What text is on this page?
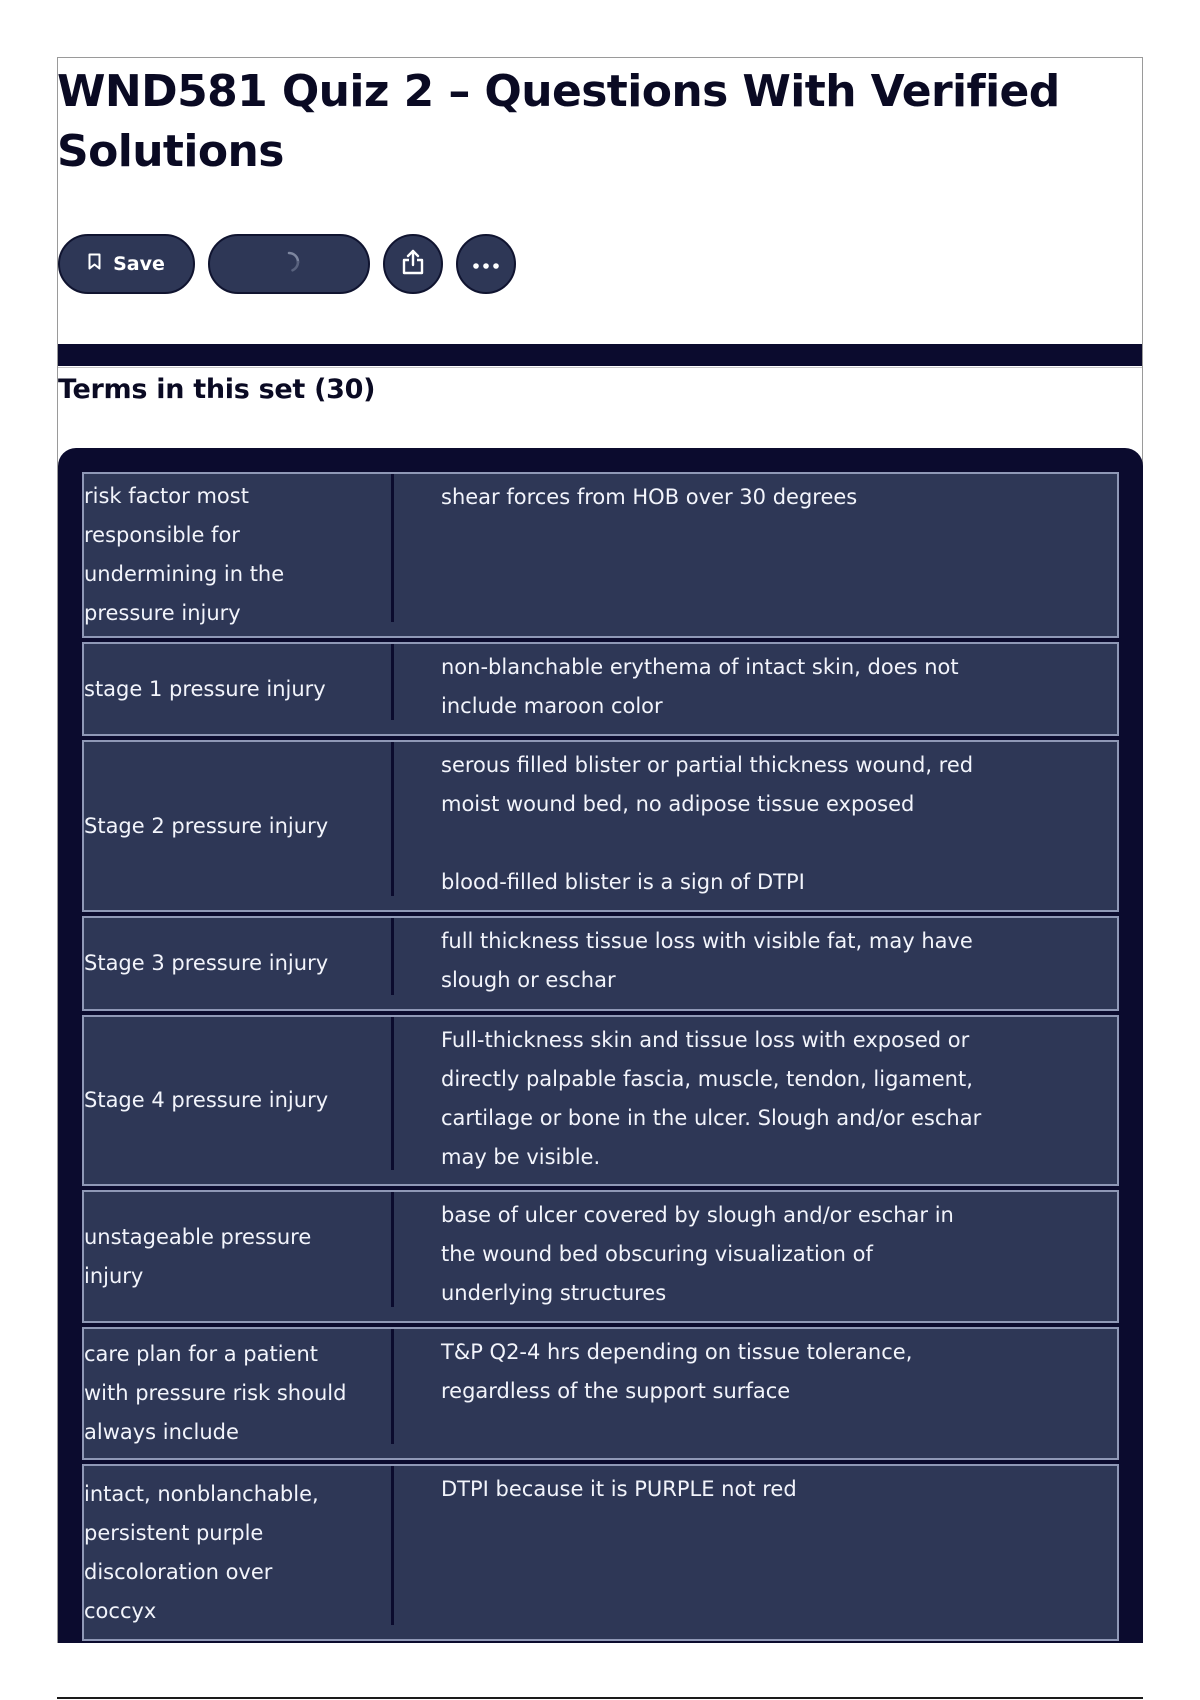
WND581 Quiz 2 – Questions With Verified Solutions
Save
Terms in this set (30)
risk factor most
responsible for
undermining in the
pressure injury
shear forces from HOB over 30 degrees
stage 1 pressure injury
non-blanchable erythema of intact skin, does not
include maroon color
Stage 2 pressure injury
serous filled blister or partial thickness wound, red
moist wound bed, no adipose tissue exposed

blood-filled blister is a sign of DTPI
Stage 3 pressure injury
full thickness tissue loss with visible fat, may have
slough or eschar
Stage 4 pressure injury
Full-thickness skin and tissue loss with exposed or
directly palpable fascia, muscle, tendon, ligament,
cartilage or bone in the ulcer. Slough and/or eschar
may be visible.
unstageable pressure
injury
base of ulcer covered by slough and/or eschar in
the wound bed obscuring visualization of
underlying structures
care plan for a patient
with pressure risk should
always include
T&P Q2-4 hrs depending on tissue tolerance,
regardless of the support surface
intact, nonblanchable,
persistent purple
discoloration over
coccyx
DTPI because it is PURPLE not red
